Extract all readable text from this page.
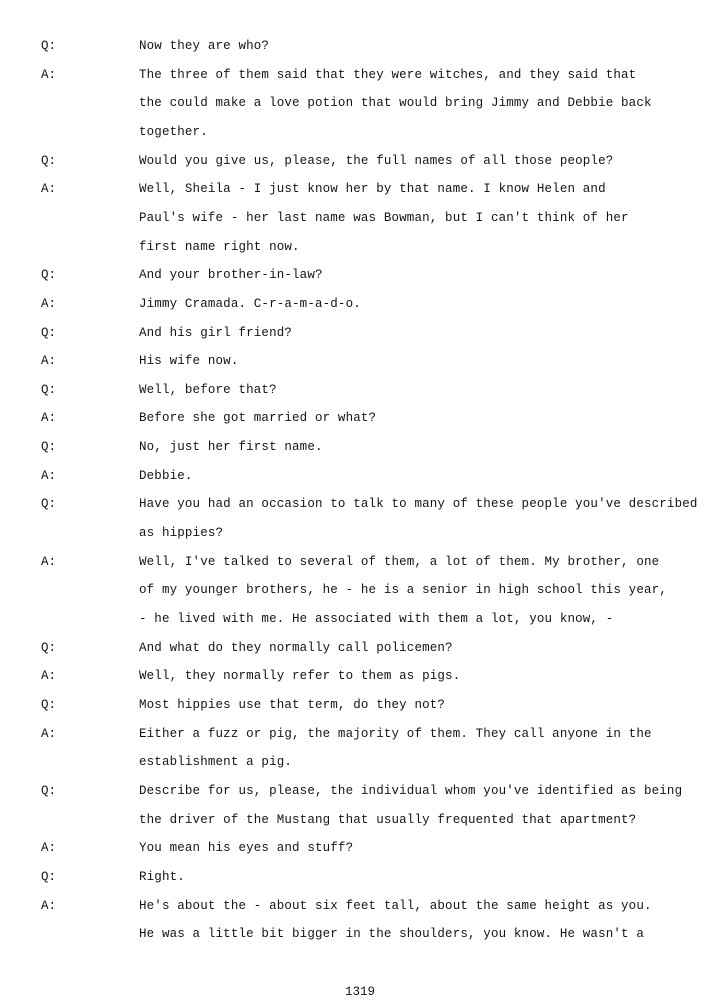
Q:	Now they are who?
A:	The three of them said that they were witches, and they said that
the could make a love potion that would bring Jimmy and Debbie back
together.
Q:	Would you give us, please, the full names of all those people?
A:	Well, Sheila - I just know her by that name. I know Helen and
Paul's wife - her last name was Bowman, but I can't think of her
first name right now.
Q:	And your brother-in-law?
A:	Jimmy Cramada. C-r-a-m-a-d-o.
Q:	And his girl friend?
A:	His wife now.
Q:	Well, before that?
A:	Before she got married or what?
Q:	No, just her first name.
A:	Debbie.
Q:	Have you had an occasion to talk to many of these people you've described
as hippies?
A:	Well, I've talked to several of them, a lot of them. My brother, one
of my younger brothers, he - he is a senior in high school this year,
- he lived with me. He associated with them a lot, you know, -
Q:	And what do they normally call policemen?
A:	Well, they normally refer to them as pigs.
Q:	Most hippies use that term, do they not?
A:	Either a fuzz or pig, the majority of them. They call anyone in the
establishment a pig.
Q:	Describe for us, please, the individual whom you've identified as being
the driver of the Mustang that usually frequented that apartment?
A:	You mean his eyes and stuff?
Q:	Right.
A:	He's about the - about six feet tall, about the same height as you.
He was a little bit bigger in the shoulders, you know. He wasn't a
1319
